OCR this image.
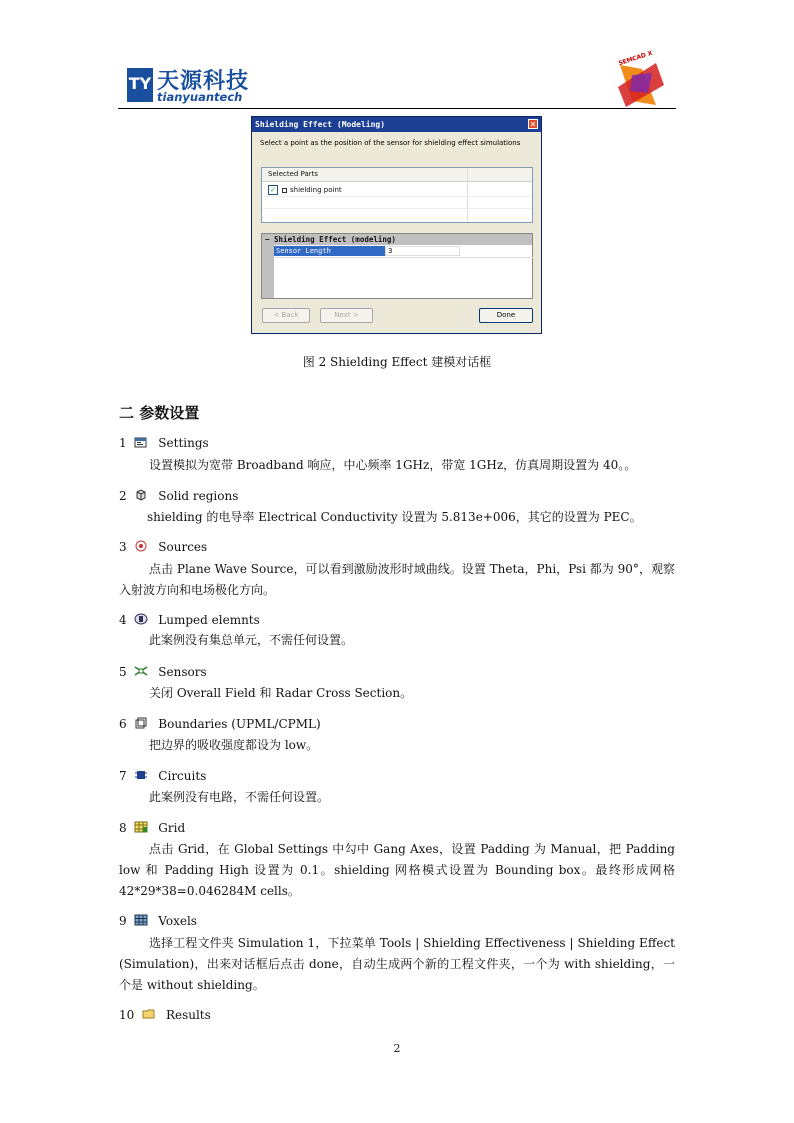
TY 天源科技
tianyuantech
SEMCAD X
Shielding Effect (Modeling)	✕
Select a point as the position of the sensor for shielding effect simulations
Selected Parts
✓ shielding point
− Shielding Effect (modeling)
Sensor Length	3
< Back	Next >	Done
图 2 Shielding Effect 建模对话框
二 参数设置
1	Settings
设置模拟为宽带 Broadband 响应，中心频率 1GHz，带宽 1GHz，仿真周期设置为 40。。
2	Solid regions
shielding 的电导率 Electrical Conductivity 设置为 5.813e+006，其它的设置为 PEC。
3	Sources
点击 Plane Wave Source，可以看到激励波形时域曲线。设置 Theta，Phi，Psi 都为 90°，观察入射波方向和电场极化方向。
4	Lumped elemnts
此案例没有集总单元，不需任何设置。
5	Sensors
关闭 Overall Field 和 Radar Cross Section。
6	Boundaries (UPML/CPML)
把边界的吸收强度都设为 low。
7	Circuits
此案例没有电路，不需任何设置。
8	Grid
点击 Grid，在 Global Settings 中勾中 Gang Axes，设置 Padding 为 Manual，把 Padding low 和 Padding High 设置为 0.1。shielding 网格模式设置为 Bounding box。最终形成网格 42*29*38=0.046284M cells。
9	Voxels
选择工程文件夹 Simulation 1，下拉菜单 Tools | Shielding Effectiveness | Shielding Effect (Simulation)，出来对话框后点击 done，自动生成两个新的工程文件夹，一个为 with shielding，一个是 without shielding。
10	Results
2
